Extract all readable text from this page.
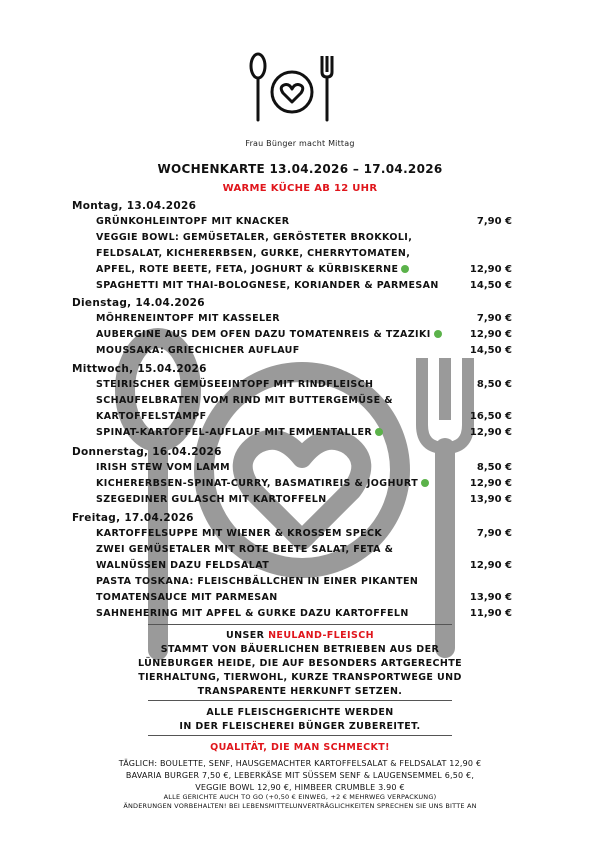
Frau Bünger macht Mittag
WOCHENKARTE 13.04.2026 – 17.04.2026
WARME KÜCHE AB 12 UHR
Montag, 13.04.2026
GRÜNKOHLEINTOPF MIT KNACKER
VEGGIE BOWL: GEMÜSETALER, GERÖSTETER BROKKOLI,
FELDSALAT, KICHERERBSEN, GURKE, CHERRYTOMATEN,
APFEL, ROTE BEETE, FETA, JOGHURT & KÜRBISKERNE
SPAGHETTI MIT THAI-BOLOGNESE, KORIANDER & PARMESAN
7,90 €
12,90 €
14,50 €
Dienstag, 14.04.2026
MÖHRENEINTOPF MIT KASSELER
AUBERGINE AUS DEM OFEN DAZU TOMATENREIS & TZAZIKI
MOUSSAKA: GRIECHICHER AUFLAUF
7,90 €
12,90 €
14,50 €
Mittwoch, 15.04.2026
STEIRISCHER GEMÜSEEINTOPF MIT RINDFLEISCH
SCHAUFELBRATEN VOM RIND MIT BUTTERGEMÜSE &
KARTOFFELSTAMPF
SPINAT-KARTOFFEL-AUFLAUF MIT EMMENTALLER
8,50 €
16,50 €
12,90 €
Donnerstag, 16.04.2026
IRISH STEW VOM LAMM
KICHERERBSEN-SPINAT-CURRY, BASMATIREIS & JOGHURT
SZEGEDINER GULASCH MIT KARTOFFELN
8,50 €
12,90 €
13,90 €
Freitag, 17.04.2026
KARTOFFELSUPPE MIT WIENER & KROSSEM SPECK
ZWEI GEMÜSETALER MIT ROTE BEETE SALAT, FETA &
WALNÜSSEN DAZU FELDSALAT
PASTA TOSKANA: FLEISCHBÄLLCHEN IN EINER PIKANTEN
TOMATENSAUCE MIT PARMESAN
SAHNEHERING MIT APFEL & GURKE DAZU KARTOFFELN
7,90 €
12,90 €
13,90 €
11,90 €
UNSER NEULAND-FLEISCH
STAMMT VON BÄUERLICHEN BETRIEBEN AUS DER
LÜNEBURGER HEIDE, DIE AUF BESONDERS ARTGERECHTE
TIERHALTUNG, TIERWOHL, KURZE TRANSPORTWEGE UND
TRANSPARENTE HERKUNFT SETZEN.
ALLE FLEISCHGERICHTE WERDEN
IN DER FLEISCHEREI BÜNGER ZUBEREITET.
QUALITÄT, DIE MAN SCHMECKT!
TÄGLICH: BOULETTE, SENF, HAUSGEMACHTER KARTOFFELSALAT & FELDSALAT 12,90 €
BAVARIA BURGER 7,50 €, LEBERKÄSE MIT SÜSSEM SENF & LAUGENSEMMEL 6,50 €,
VEGGIE BOWL 12,90 €, HIMBEER CRUMBLE 3.90 €
ALLE GERICHTE AUCH TO GO (+0,50 € EINWEG, +2 € MEHRWEG VERPACKUNG)
ÄNDERUNGEN VORBEHALTEN! BEI LEBENSMITTELUNVERTRÄGLICHKEITEN SPRECHEN SIE UNS BITTE AN
